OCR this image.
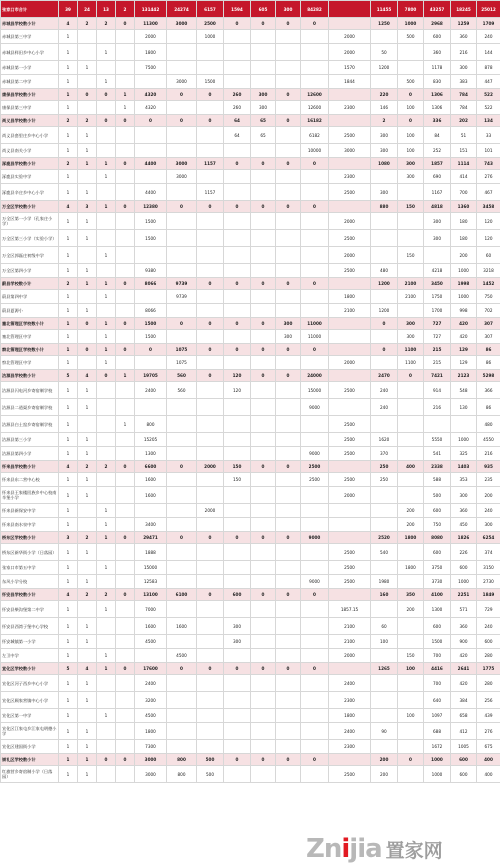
张家口市合计	39	24	13	2	131442	24274	6157	1594	605	300	84282		11455	7800	43257	18245	25012
赤城县学校数小计	4	2	2	0	11300	3000	2500	0	0	0	0		1250	1000	2968	1259	1709
赤城县第三中学	1				2000		1000					2000		500	600	360	240
赤城县样田乡中心小学	1		1		1800							2000	50		360	216	144
赤城县第一小学	1	1			7500							1570	1200		1178	300	878
赤城县第二中学	1		1			3000	1500					1844		500	830	383	447
康保县学校数小计	1	0	0	1	4320	0	0	260	300	0	12600		220	0	1306	784	522
康保县第三中学	1			1	4320			260	300		12600	2300	146	100	1306	784	522
尚义县学校数小计	2	2	0	0	0	0	0	64	65	0	16182		2	0	336	202	134
尚义县套里庄乡中心小学	1	1						64	65		6182	2500	300	100	84	51	33
尚义县南关小学	1	1									10000	3000	300	100	252	151	101
涿鹿县学校数小计	2	1	1	0	4400	3000	1157	0	0	0	0		1080	300	1857	1114	743
涿鹿县实验中学	1		1			3000						2300		300	690	414	276
涿鹿县辛庄乡中心小学	1	1			4400		1157					2500	300		1167	700	467
万全区学校数小计	4	3	1	0	12380	0	0	0	0	0	0		880	150	4818	1360	3458
万全区第一小学（孔家庄小学）	1	1			1500							2000			300	180	120
万全区第三小学（实验小学）	1	1			1500							2500			300	180	120
万全区郭磊庄初级中学	1		1									2000		150		200	60
万全区第四小学	1	1			9380							2500	480		4218	1000	3218
蔚县学校数小计	2	1	1	0	8066	9739	0	0	0	0	0		1200	2100	3450	1998	1452
蔚县第四中学	1		1			9739						1800		2100	1750	1000	750
蔚县夏源小	1	1			8066							2100	1200		1700	998	702
塞北管理区学校数小计	1	0	1	0	1500	0	0	0	0	300	11000		0	300	727	420	307
塞北管理区中学	1		1		1500					300	11000			300	727	420	307
察北管理区学校数小计	1	0	1	0	0	1075	0	0	0	0	0		0	1100	215	129	86
察北管理区中学	1		1			1075						2000		1100	215	129	86
沽源县学校数小计	5	4	0	1	19705	560	0	120	0	0	24000		2470	0	7421	2123	5298
沽源县闪电河乡寄宿制学校	1	1			2400	560		120			15000	2500	240		914	548	366
沽源县二道渠乡寄宿制学校	1	1									9000		240		216	130	86
沽源县白土窑乡寄宿制学校	1			1	800							2500					480
沽源县第三小学	1	1			15205							2500	1620		5550	1000	4550
沽源县第四小学	1	1			1300						9000	2500	370		541	325	216
怀来县学校数小计	4	2	2	0	6600	0	2000	150	0	0	2500		250	400	2338	1403	935
怀来县东二营中心校	1	1			1600			150			2500	2500	250		588	353	235
怀来县王家楼回族乡中心校南辛堡小学	1	1			1600							2000			500	300	200
怀来县新保安中学	1		1				2000							200	600	360	240
怀来县南水泉中学	1		1		3400									200	750	450	300
桥东区学校数小计	3	2	1	0	29471	0	0	0	0	0	9000		2520	1800	8080	1826	6254
桥东区新华街小学（日落园）	1	1			1888							2500	540		600	226	374
张家口市第五中学	1		1		15000							2500		1800	3750	600	3150
东风小学分校	1	1			12583						9000	2500	1980		3730	1000	2730
怀安县学校数小计	4	2	2	0	13100	6100	0	600	0	0	0		160	350	4100	2251	1849
怀安县柴沟堡第二中学	1		1		7000							1857.15		200	1300	571	729
怀安县西湾子堡中心学校	1	1			1600	1600		300				2100	60		600	360	240
怀安城镇第一小学	1	1			4500			300				2100	100		1500	900	600
左卫中学	1		1			4500						2000		150	700	420	280
宣化区学校数小计	5	4	1	0	17600	0	0	0	0	0	0		1265	100	4416	2641	1775
宣化区河子西乡中心小学	1	1			2400							2400			700	420	280
宣化区顾家营镇中心小学	1	1			3200							2300			640	384	256
宣化区第一中学	1		1		4500							1800		100	1097	658	439
宣化区江家屯乡江家屯明德小学	1	1			1800							2400	90		688	412	276
宣化区建国街小学	1	1			7300							2300			1672	1005	675
崇礼区学校数小计	1	1	0	0	3000	800	500	0	0	0	0		200	0	1000	600	400
红旗营乡寄宿制小学（日落园）	1	1			3000	800	500					2500	200		1000	600	400
Znijia 置家网
